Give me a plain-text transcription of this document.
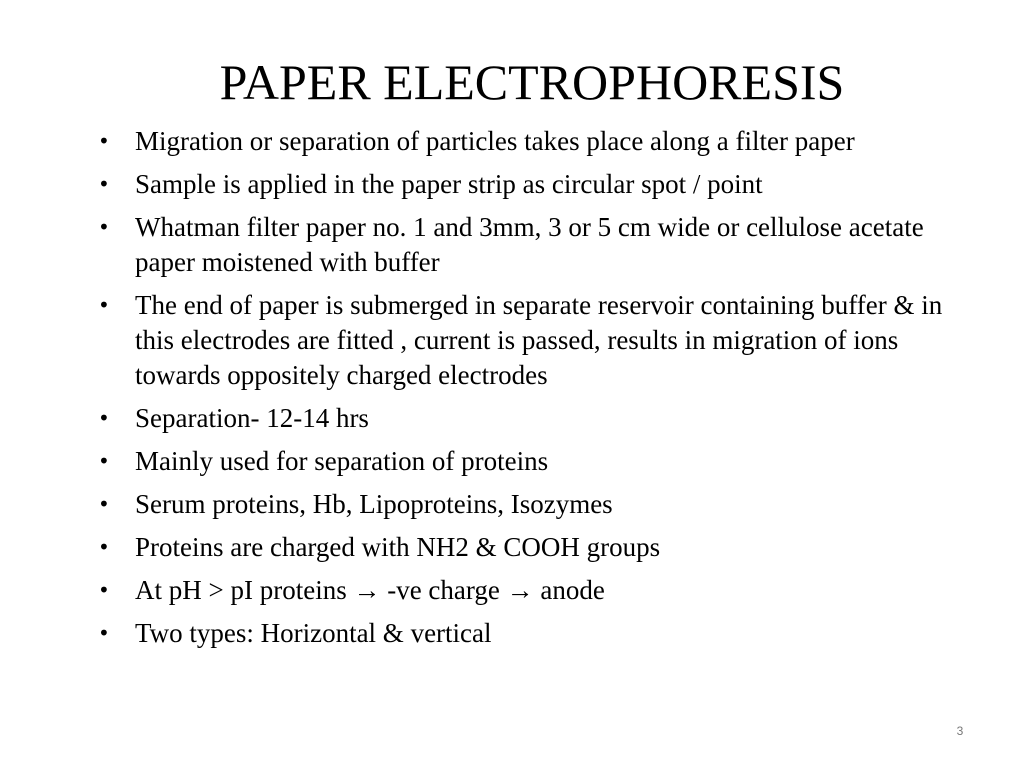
PAPER ELECTROPHORESIS
• Migration or separation of particles takes place along a filter paper
• Sample is applied in the paper strip as circular spot / point
• Whatman filter paper no. 1 and 3mm, 3 or 5 cm wide or cellulose acetate paper moistened with buffer
• The end of paper is submerged in separate reservoir containing buffer & in this electrodes are fitted , current is passed, results in migration of ions towards oppositely charged electrodes
• Separation- 12-14 hrs
• Mainly used for separation of proteins
• Serum proteins, Hb, Lipoproteins, Isozymes
• Proteins are charged with NH2 & COOH groups
• At pH > pI proteins → -ve charge → anode
• Two types: Horizontal & vertical
3
